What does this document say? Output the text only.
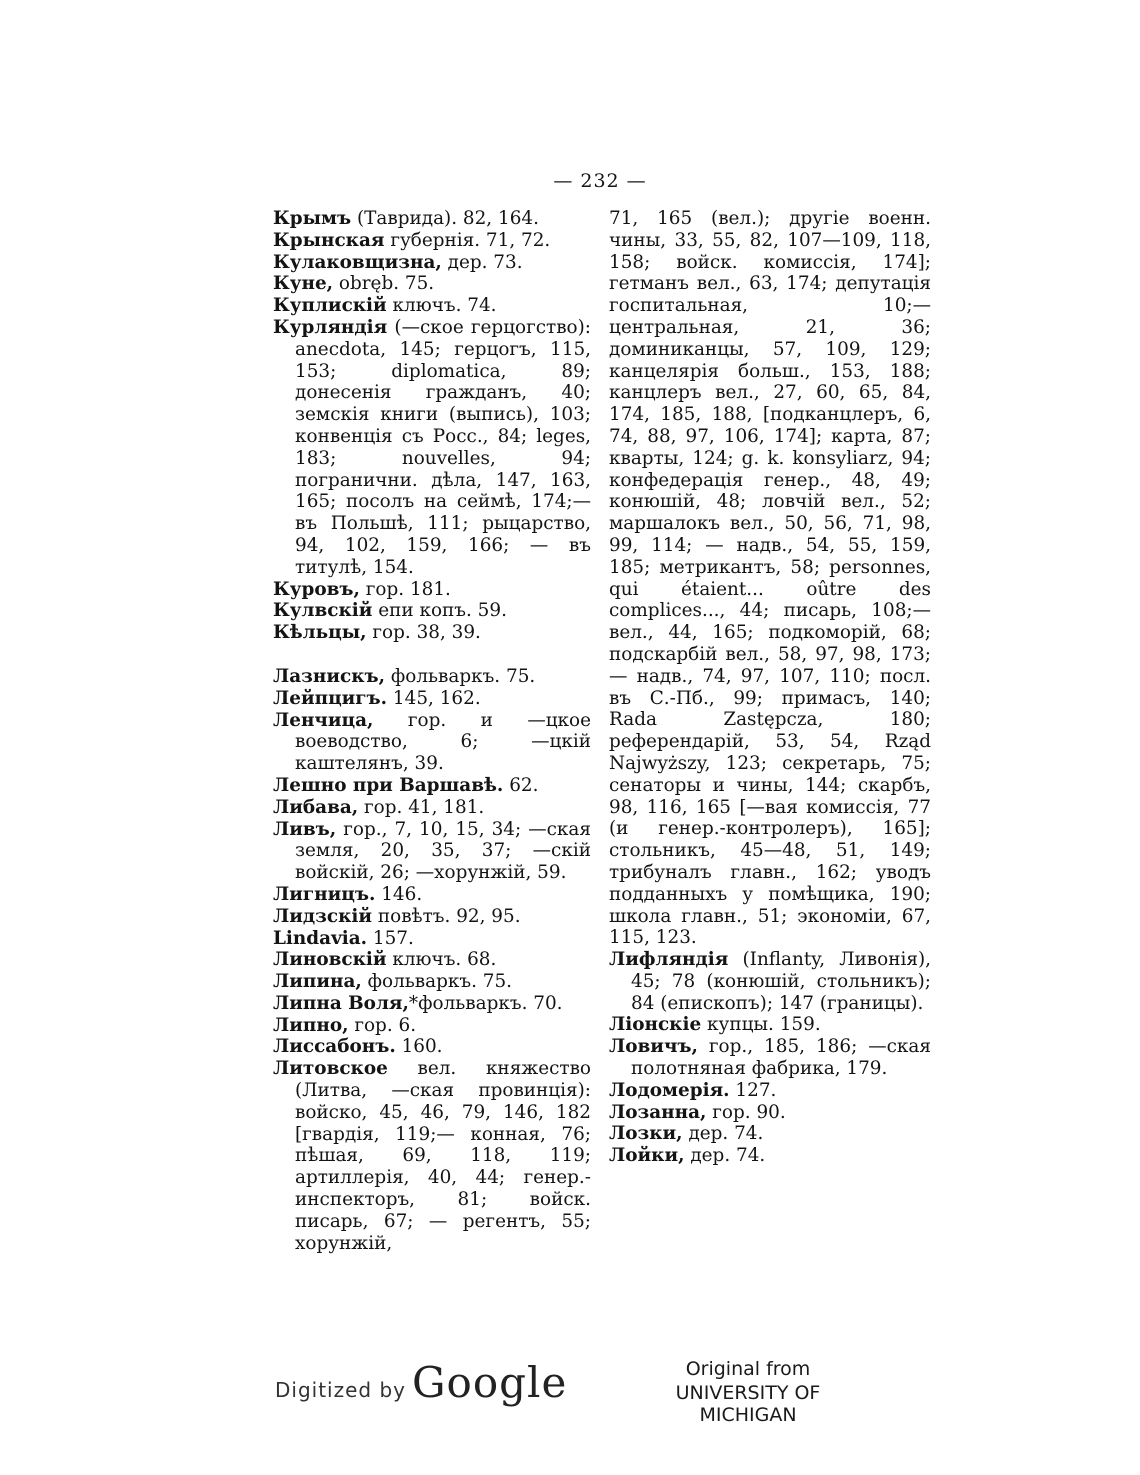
— 232 —
Крымъ (Таврида). 82, 164.
Крынская губернія. 71, 72.
Кулаковщизна, дер. 73.
Куне, obręb. 75.
Куплискій ключъ. 74.
Курляндія (—ское герцогство): anecdota, 145; герцогъ, 115, 153; diplomatica, 89; донесенія гражданъ, 40; земскія книги (выпись), 103; конвенція съ Росс., 84; leges, 183; nouvelles, 94; погранични. дѣла, 147, 163, 165; посолъ на сеймѣ, 174;— въ Польшѣ, 111; рыцарство, 94, 102, 159, 166; — въ титулѣ, 154.
Куровъ, гор. 181.
Кулвскій епи копъ. 59.
Кѣльцы, гор. 38, 39.
Лазнискъ, фольваркъ. 75.
Лейпцигъ. 145, 162.
Ленчица, гор. и —цкое воеводство, 6; —цкій каштелянъ, 39.
Лешно при Варшавѣ. 62.
Либава, гор. 41, 181.
Ливъ, гор., 7, 10, 15, 34; —ская земля, 20, 35, 37; —скій войскій, 26; —хорунжій, 59.
Лигницъ. 146.
Лидзскій повѣтъ. 92, 95.
Lindavia. 157.
Линовскій ключъ. 68.
Липина, фольваркъ. 75.
Липна Воля,*фольваркъ. 70.
Липно, гор. 6.
Лиссабонъ. 160.
Литовское вел. княжество (Литва, —ская провинція): войско, 45, 46, 79, 146, 182 [гвардія, 119;— конная, 76; пѣшая, 69, 118, 119; артиллерія, 40, 44; генер.-инспекторъ, 81; войск. писарь, 67; — регентъ, 55; хорунжій,
71, 165 (вел.); другіе военн. чины, 33, 55, 82, 107—109, 118, 158; войск. комиссія, 174]; гетманъ вел., 63, 174; депутація госпитальная, 10;— центральная, 21, 36; доминиканцы, 57, 109, 129; канцелярія больш., 153, 188; канцлеръ вел., 27, 60, 65, 84, 174, 185, 188, [подканцлеръ, 6, 74, 88, 97, 106, 174]; карта, 87; кварты, 124; g. k. konsyliarz, 94; конфедерація генер., 48, 49; конюшій, 48; ловчій вел., 52; маршалокъ вел., 50, 56, 71, 98, 99, 114; — надв., 54, 55, 159, 185; метрикантъ, 58; personnes, qui étaient... oûtre des complices..., 44; писарь, 108;— вел., 44, 165; подкоморій, 68; подскарбій вел., 58, 97, 98, 173;— надв., 74, 97, 107, 110; посл. въ С.-Пб., 99; примасъ, 140; Rada Zastępcza, 180; референдарій, 53, 54, Rząd Najwyższy, 123; секретарь, 75; сенаторы и чины, 144; скарбъ, 98, 116, 165 [—вая комиссія, 77 (и генер.-контролеръ), 165]; стольникъ, 45—48, 51, 149; трибуналъ главн., 162; уводъ подданныхъ у помѣщика, 190; школа главн., 51; экономіи, 67, 115, 123.
Лифляндія (Inflanty, Ливонія), 45; 78 (конюшій, стольникъ); 84 (епископъ); 147 (границы).
Ліонскіе купцы. 159.
Ловичъ, гор., 185, 186; —ская полотняная фабрика, 179.
Лодомерія. 127.
Лозанна, гор. 90.
Лозки, дер. 74.
Лойки, дер. 74.
Digitized by Google	Original from
UNIVERSITY OF MICHIGAN
